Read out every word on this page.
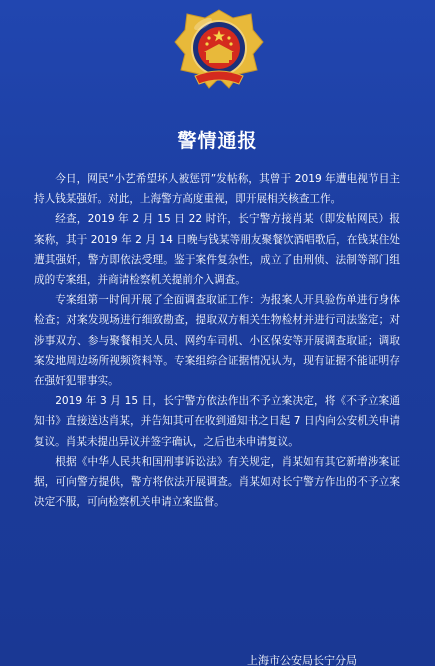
警情通报

今日，网民“小艺希望坏人被惩罚”发帖称，其曾于 2019 年遭电视节目主持人钱某强奸。对此，上海警方高度重视，即开展相关核查工作。

经查，2019 年 2 月 15 日 22 时许，长宁警方接肖某（即发帖网民）报案称，其于 2019 年 2 月 14 日晚与钱某等朋友聚餐饮酒唱歌后，在钱某住处遭其强奸，警方即依法受理。鉴于案件复杂性，成立了由刑侦、法制等部门组成的专案组，并商请检察机关提前介入调查。

专案组第一时间开展了全面调查取证工作：为报案人开具验伤单进行身体检查；对案发现场进行细致勘查，提取双方相关生物检材并进行司法鉴定；对涉事双方、参与聚餐相关人员、网约车司机、小区保安等开展调查取证；调取案发地周边场所视频资料等。专案组综合证据情况认为，现有证据不能证明存在强奸犯罪事实。

2019 年 3 月 15 日，长宁警方依法作出不予立案决定，将《不予立案通知书》直接送达肖某，并告知其可在收到通知书之日起 7 日内向公安机关申请复议。肖某未提出异议并签字确认，之后也未申请复议。

根据《中华人民共和国刑事诉讼法》有关规定，肖某如有其它新增涉案证据，可向警方提供，警方将依法开展调查。肖某如对长宁警方作出的不予立案决定不服，可向检察机关申请立案监督。

上海市公安局长宁分局
